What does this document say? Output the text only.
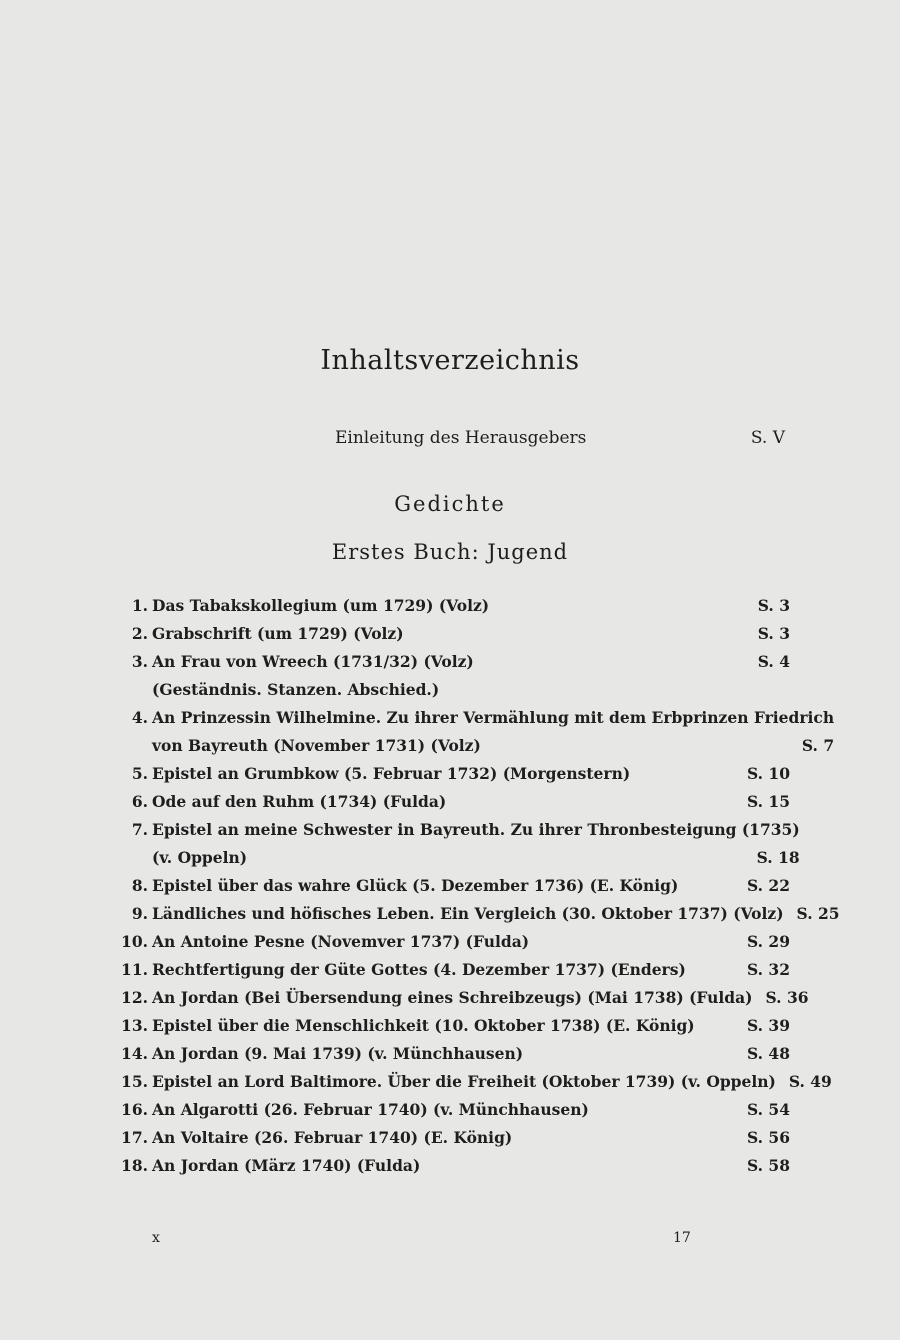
Inhaltsverzeichnis
Einleitung des Herausgebers	S. V
Gedichte
Erstes Buch: Jugend
1. Das Tabakskollegium (um 1729) (Volz)	S. 3
2. Grabschrift (um 1729) (Volz)	S. 3
3. An Frau von Wreech (1731/32) (Volz)	S. 4
(Geständnis. Stanzen. Abschied.)
4. An Prinzessin Wilhelmine. Zu ihrer Vermählung mit dem Erbprinzen Friedrich
von Bayreuth (November 1731) (Volz)	S. 7
5. Epistel an Grumbkow (5. Februar 1732) (Morgenstern)	S. 10
6. Ode auf den Ruhm (1734) (Fulda)	S. 15
7. Epistel an meine Schwester in Bayreuth. Zu ihrer Thronbesteigung (1735)
(v. Oppeln)	S. 18
8. Epistel über das wahre Glück (5. Dezember 1736) (E. König)	S. 22
9. Ländliches und höfisches Leben. Ein Vergleich (30. Oktober 1737) (Volz) S. 25
10. An Antoine Pesne (Novemver 1737) (Fulda)	S. 29
11. Rechtfertigung der Güte Gottes (4. Dezember 1737) (Enders)	S. 32
12. An Jordan (Bei Übersendung eines Schreibzeugs) (Mai 1738) (Fulda) S. 36
13. Epistel über die Menschlichkeit (10. Oktober 1738) (E. König)	S. 39
14. An Jordan (9. Mai 1739) (v. Münchhausen)	S. 48
15. Epistel an Lord Baltimore. Über die Freiheit (Oktober 1739) (v. Oppeln) S. 49
16. An Algarotti (26. Februar 1740) (v. Münchhausen)	S. 54
17. An Voltaire (26. Februar 1740) (E. König)	S. 56
18. An Jordan (März 1740) (Fulda)	S. 58
x	17
